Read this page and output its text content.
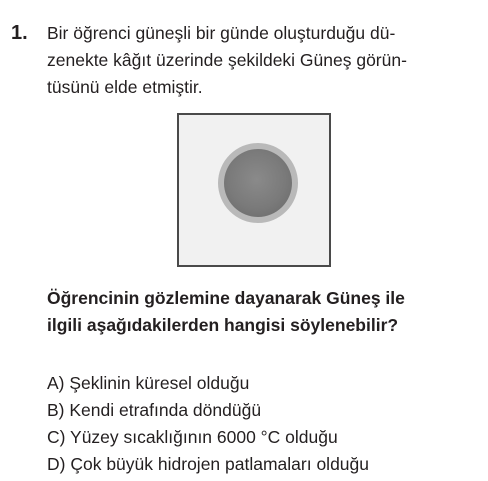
1. Bir öğrenci güneşli bir günde oluşturduğu dü-
zenekte kâğıt üzerinde şekildeki Güneş görün-
tüsünü elde etmiştir.
Öğrencinin gözlemine dayanarak Güneş ile
ilgili aşağıdakilerden hangisi söylenebilir?
A) Şeklinin küresel olduğu
B) Kendi etrafında döndüğü
C) Yüzey sıcaklığının 6000 °C olduğu
D) Çok büyük hidrojen patlamaları olduğu
